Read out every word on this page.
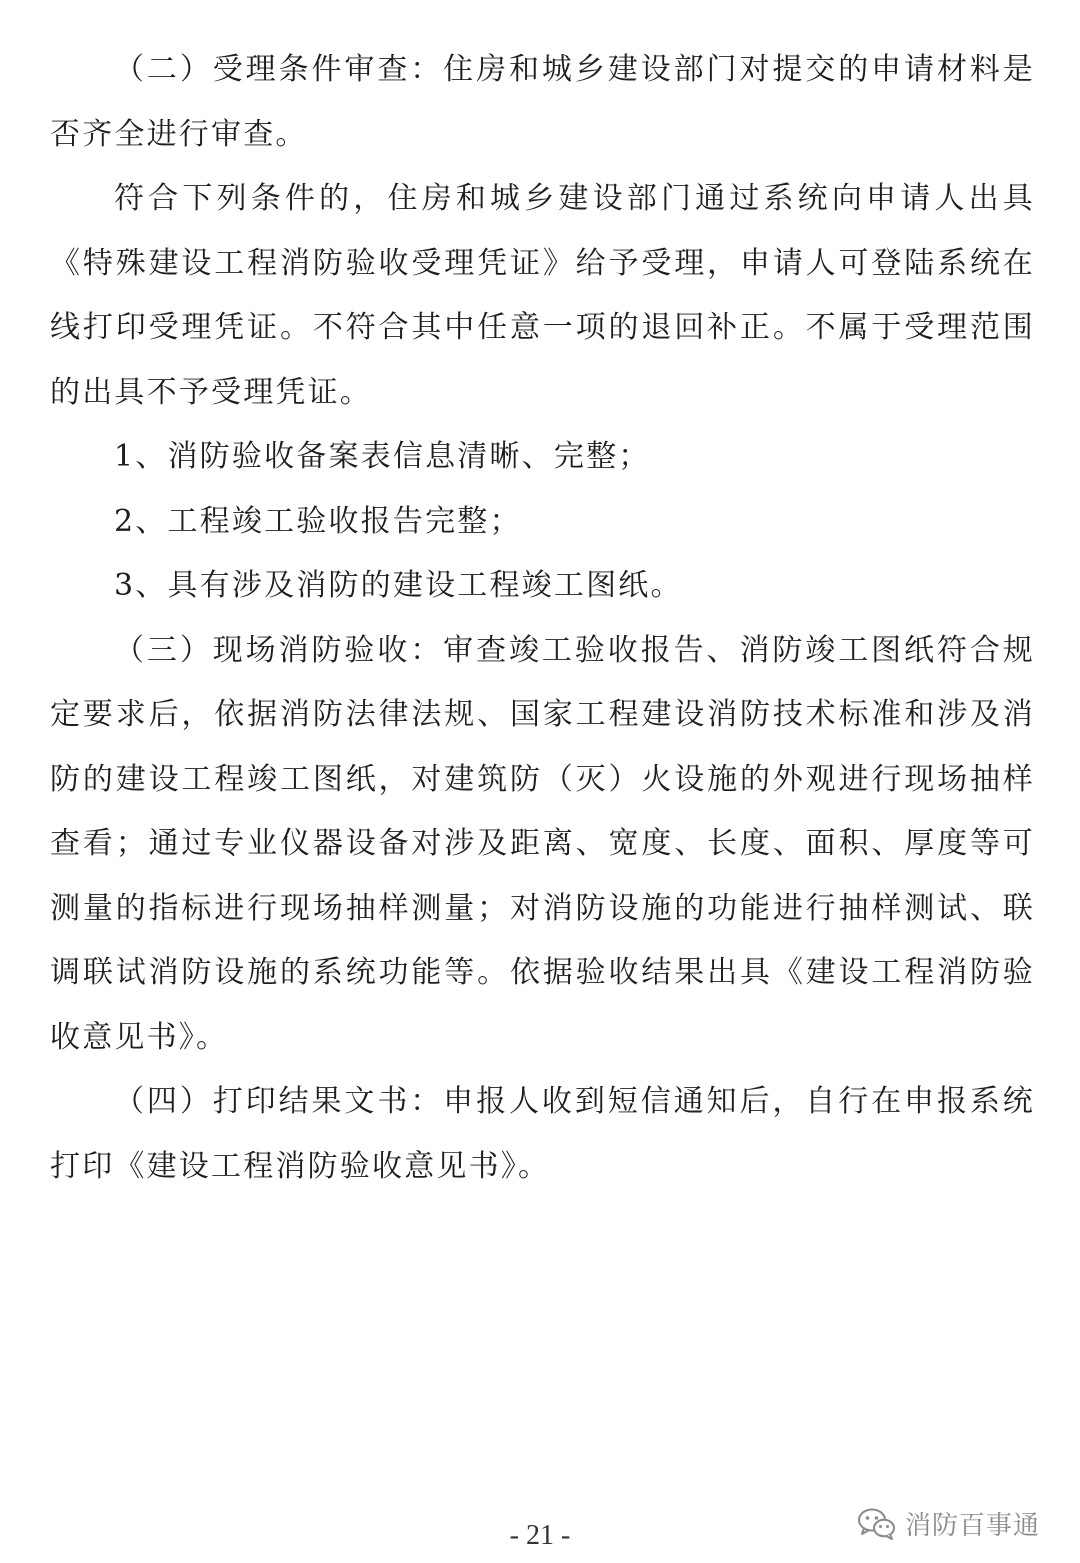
（二）受理条件审查：住房和城乡建设部门对提交的申请材料是否齐全进行审查。

符合下列条件的，住房和城乡建设部门通过系统向申请人出具《特殊建设工程消防验收受理凭证》给予受理，申请人可登陆系统在线打印受理凭证。不符合其中任意一项的退回补正。不属于受理范围的出具不予受理凭证。

1、消防验收备案表信息清晰、完整；

2、工程竣工验收报告完整；

3、具有涉及消防的建设工程竣工图纸。

（三）现场消防验收：审查竣工验收报告、消防竣工图纸符合规定要求后，依据消防法律法规、国家工程建设消防技术标准和涉及消防的建设工程竣工图纸，对建筑防（灭）火设施的外观进行现场抽样查看；通过专业仪器设备对涉及距离、宽度、长度、面积、厚度等可测量的指标进行现场抽样测量；对消防设施的功能进行抽样测试、联调联试消防设施的系统功能等。依据验收结果出具《建设工程消防验收意见书》。

（四）打印结果文书：申报人收到短信通知后，自行在申报系统打印《建设工程消防验收意见书》。

消防百事通
- 21 -
